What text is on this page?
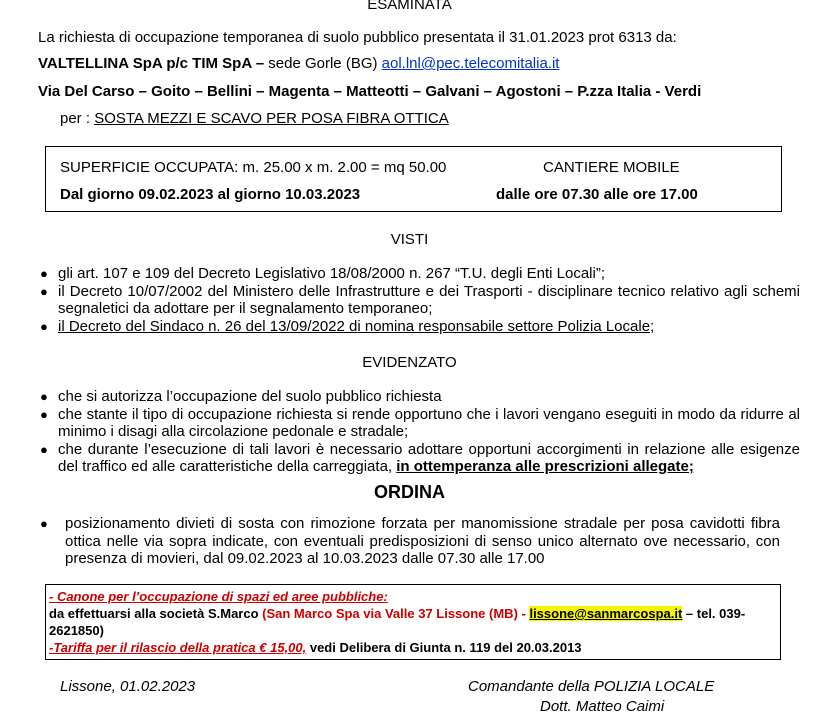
ESAMINATA
La richiesta di occupazione temporanea di suolo pubblico presentata il 31.01.2023 prot 6313 da:
VALTELLINA SpA p/c TIM SpA – sede Gorle (BG) aol.lnl@pec.telecomitalia.it
Via Del Carso – Goito – Bellini – Magenta – Matteotti – Galvani – Agostoni – P.zza Italia - Verdi
per : SOSTA MEZZI E SCAVO PER POSA FIBRA OTTICA
SUPERFICIE OCCUPATA: m. 25.00 x m. 2.00 = mq 50.00	CANTIERE MOBILE
Dal giorno 09.02.2023 al giorno 10.03.2023	dalle ore 07.30 alle ore 17.00
VISTI
● gli art. 107 e 109 del Decreto Legislativo 18/08/2000 n. 267 “T.U. degli Enti Locali”;
● il Decreto 10/07/2002 del Ministero delle Infrastrutture e dei Trasporti - disciplinare tecnico relativo agli schemi segnaletici da adottare per il segnalamento temporaneo;
● il Decreto del Sindaco n. 26 del 13/09/2022 di nomina responsabile settore Polizia Locale;
EVIDENZATO
● che si autorizza l’occupazione del suolo pubblico richiesta
● che stante il tipo di occupazione richiesta si rende opportuno che i lavori vengano eseguiti in modo da ridurre al minimo i disagi alla circolazione pedonale e stradale;
● che durante l’esecuzione di tali lavori è necessario adottare opportuni accorgimenti in relazione alle esigenze del traffico ed alle caratteristiche della carreggiata, in ottemperanza alle prescrizioni allegate;
ORDINA
● posizionamento divieti di sosta con rimozione forzata per manomissione stradale per posa cavidotti fibra ottica nelle via sopra indicate, con eventuali predisposizioni di senso unico alternato ove necessario, con presenza di movieri, dal 09.02.2023 al 10.03.2023 dalle 07.30 alle 17.00
- Canone per l’occupazione di spazi ed aree pubbliche:
da effettuarsi alla società S.Marco (San Marco Spa via Valle 37 Lissone (MB) - lissone@sanmarcospa.it – tel. 039-2621850)
-Tariffa per il rilascio della pratica € 15,00, vedi Delibera di Giunta n. 119 del 20.03.2013
Lissone, 01.02.2023	Comandante della POLIZIA LOCALE
Dott. Matteo Caimi
